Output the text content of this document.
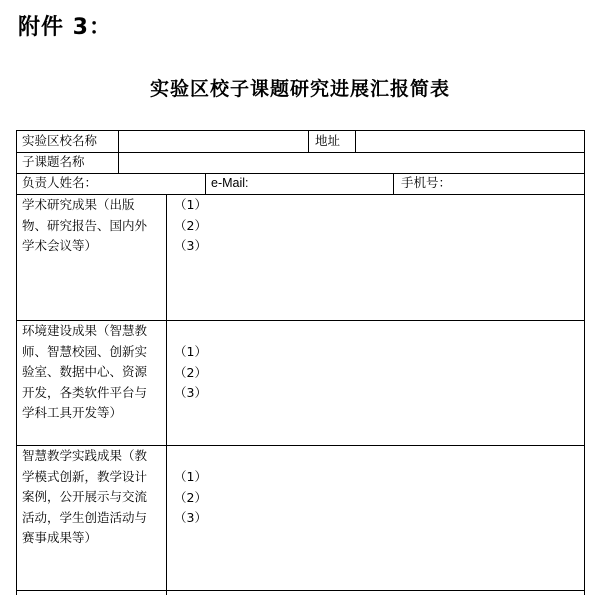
附件 3：
实验区校子课题研究进展汇报简表
实验区校名称	地址
子课题名称
负责人姓名：	e-Mail:	手机号：
学术研究成果（出版
物、研究报告、国内外
学术会议等）
（1）
（2）
（3）
环境建设成果（智慧教
师、智慧校园、创新实
验室、数据中心、资源
开发，各类软件平台与
学科工具开发等）
（1）
（2）
（3）
智慧教学实践成果（教
学模式创新，教学设计
案例，公开展示与交流
活动，学生创造活动与
赛事成果等）
（1）
（2）
（3）
